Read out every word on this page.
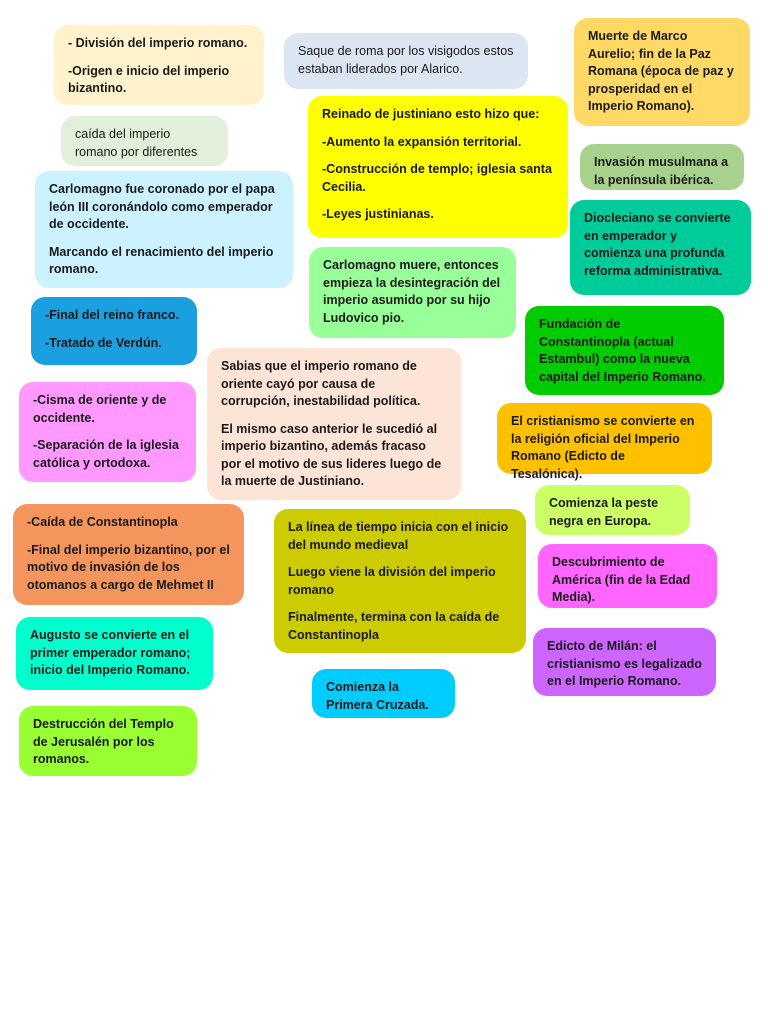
- División del imperio romano.

-Origen e inicio del imperio bizantino.

Saque de roma por los visigodos estos estaban liderados por Alarico.

Muerte de Marco Aurelio; fin de la Paz Romana (época de paz y prosperidad en el Imperio Romano).

caída del imperio romano por diferentes

Reinado de justiniano esto hizo que:

-Aumento la expansión territorial.

-Construcción de templo; iglesia santa Cecilia.

-Leyes justinianas.

Invasión musulmana a la península ibérica.

Carlomagno fue coronado por el papa león III coronándolo como emperador de occidente.

Marcando el renacimiento del imperio romano.

Diocleciano se convierte en emperador y comienza una profunda reforma administrativa.

Carlomagno muere, entonces empieza la desintegración del imperio asumido por su hijo Ludovico pio.

-Final del reino franco.

-Tratado de Verdún.

Fundación de Constantinopla (actual Estambul) como la nueva capital del Imperio Romano.

Sabias que el imperio romano de oriente cayó por causa de corrupción, inestabilidad política.

El mismo caso anterior le sucedió al imperio bizantino, además fracaso por el motivo de sus lideres luego de la muerte de Justiniano.

-Cisma de oriente y de occidente.

-Separación de la iglesia católica y ortodoxa.

El cristianismo se convierte en la religión oficial del Imperio Romano (Edicto de Tesalónica).

Comienza la peste negra en Europa.

-Caída de Constantinopla

-Final del imperio bizantino, por el motivo de invasión de los otomanos a cargo de Mehmet II

La línea de tiempo inicia con el inicio del mundo medieval

Luego viene la división del imperio romano

Finalmente, termina con la caída de Constantinopla

Descubrimiento de América (fin de la Edad Media).

Augusto se convierte en el primer emperador romano; inicio del Imperio Romano.

Edicto de Milán: el cristianismo es legalizado en el Imperio Romano.

Comienza la Primera Cruzada.

Destrucción del Templo de Jerusalén por los romanos.
